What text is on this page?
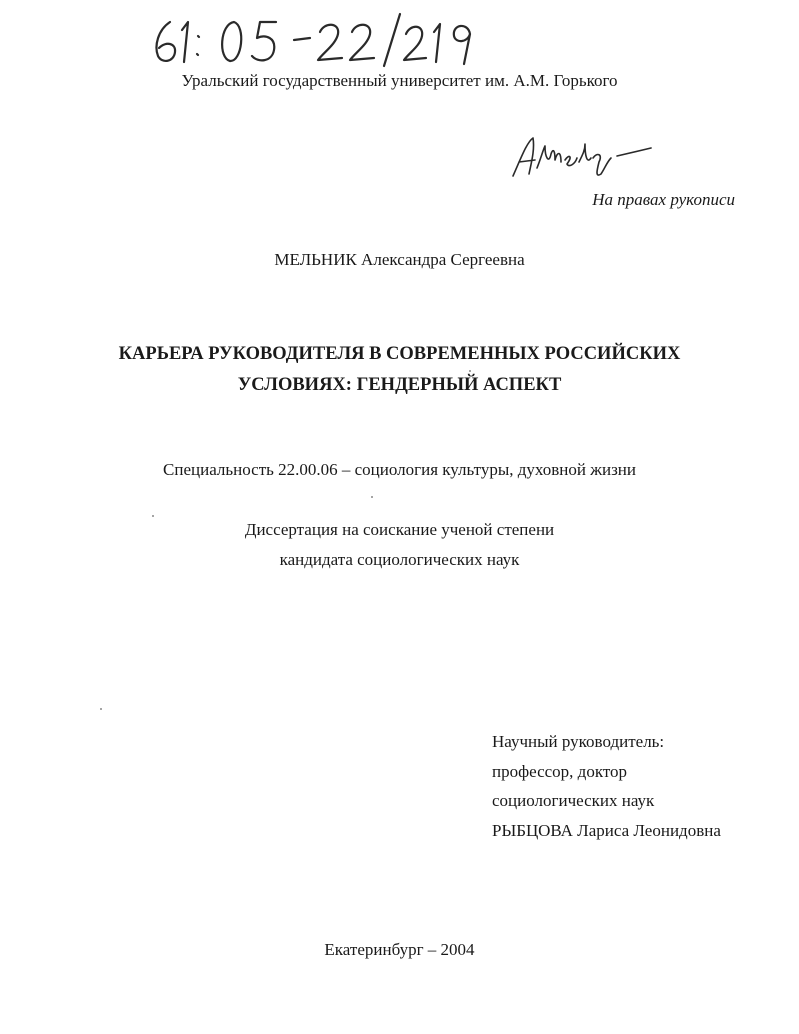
Уральский государственный университет им. А.М. Горького
На правах рукописи
МЕЛЬНИК Александра Сергеевна
КАРЬЕРА РУКОВОДИТЕЛЯ В СОВРЕМЕННЫХ РОССИЙСКИХ
УСЛОВИЯХ: ГЕНДЕРНЫЙ АСПЕКТ
Специальность 22.00.06 – социология культуры, духовной жизни
Диссертация на соискание ученой степени
кандидата социологических наук
Научный руководитель:
профессор, доктор
социологических наук
РЫБЦОВА Лариса Леонидовна
Екатеринбург – 2004
